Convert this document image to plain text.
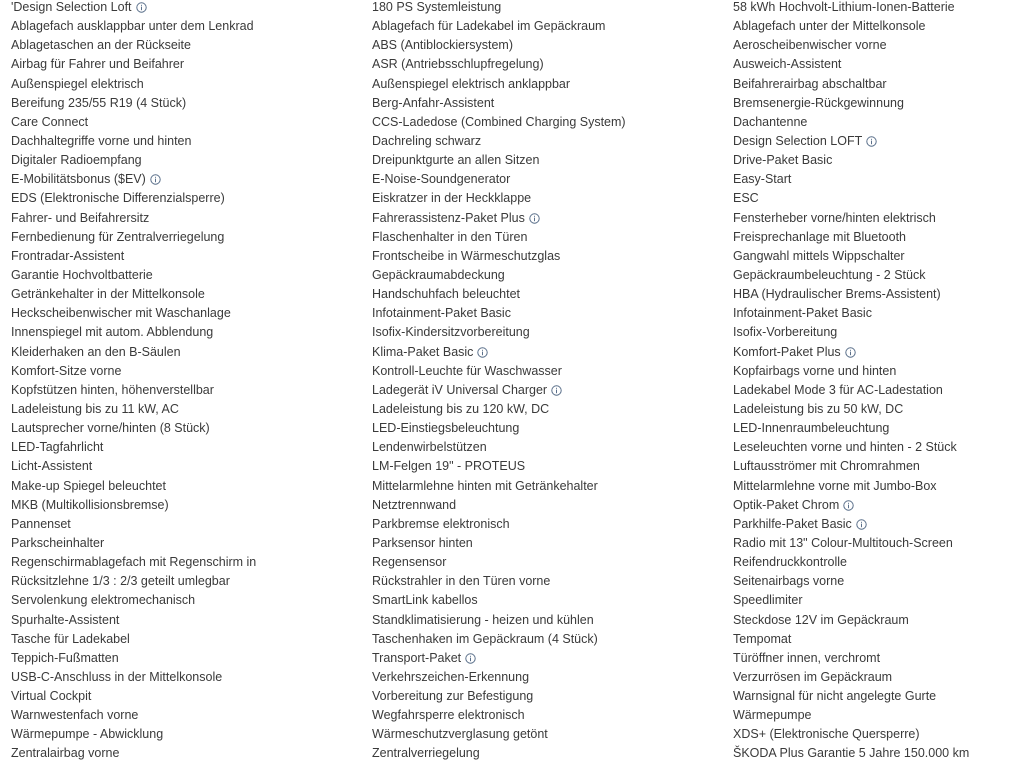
'Design Selection Loft
Ablagefach ausklappbar unter dem Lenkrad
Ablagetaschen an der Rückseite
Airbag für Fahrer und Beifahrer
Außenspiegel elektrisch
Bereifung 235/55 R19 (4 Stück)
Care Connect
Dachhaltegriffe vorne und hinten
Digitaler Radioempfang
E-Mobilitätsbonus ($EV)
EDS (Elektronische Differenzialsperre)
Fahrer- und Beifahrersitz
Fernbedienung für Zentralverriegelung
Frontradar-Assistent
Garantie Hochvoltbatterie
Getränkehalter in der Mittelkonsole
Heckscheibenwischer mit Waschanlage
Innenspiegel mit autom. Abblendung
Kleiderhaken an den B-Säulen
Komfort-Sitze vorne
Kopfstützen hinten, höhenverstellbar
Ladeleistung bis zu 11 kW, AC
Lautsprecher vorne/hinten (8 Stück)
LED-Tagfahrlicht
Licht-Assistent
Make-up Spiegel beleuchtet
MKB (Multikollisionsbremse)
Pannenset
Parkscheinhalter
Regenschirmablagefach mit Regenschirm in
Rücksitzlehne 1/3 : 2/3 geteilt umlegbar
Servolenkung elektromechanisch
Spurhalte-Assistent
Tasche für Ladekabel
Teppich-Fußmatten
USB-C-Anschluss in der Mittelkonsole
Virtual Cockpit
Warnwestenfach vorne
Wärmepumpe - Abwicklung
Zentralairbag vorne
180 PS Systemleistung
Ablagefach für Ladekabel im Gepäckraum
ABS (Antiblockiersystem)
ASR (Antriebsschlupfregelung)
Außenspiegel elektrisch anklappbar
Berg-Anfahr-Assistent
CCS-Ladedose (Combined Charging System)
Dachreling schwarz
Dreipunktgurte an allen Sitzen
E-Noise-Soundgenerator
Eiskratzer in der Heckklappe
Fahrerassistenz-Paket Plus
Flaschenhalter in den Türen
Frontscheibe in Wärmeschutzglas
Gepäckraumabdeckung
Handschuhfach beleuchtet
Infotainment-Paket Basic
Isofix-Kindersitzvorbereitung
Klima-Paket Basic
Kontroll-Leuchte für Waschwasser
Ladegerät iV Universal Charger
Ladeleistung bis zu 120 kW, DC
LED-Einstiegsbeleuchtung
Lendenwirbelstützen
LM-Felgen 19" - PROTEUS
Mittelarmlehne hinten mit Getränkehalter
Netztrennwand
Parkbremse elektronisch
Parksensor hinten
Regensensor
Rückstrahler in den Türen vorne
SmartLink kabellos
Standklimatisierung - heizen und kühlen
Taschenhaken im Gepäckraum (4 Stück)
Transport-Paket
Verkehrszeichen-Erkennung
Vorbereitung zur Befestigung
Wegfahrsperre elektronisch
Wärmeschutzverglasung getönt
Zentralverriegelung
58 kWh Hochvolt-Lithium-Ionen-Batterie
Ablagefach unter der Mittelkonsole
Aeroscheibenwischer vorne
Ausweich-Assistent
Beifahrerairbag abschaltbar
Bremsenergie-Rückgewinnung
Dachantenne
Design Selection LOFT
Drive-Paket Basic
Easy-Start
ESC
Fensterheber vorne/hinten elektrisch
Freisprechanlage mit Bluetooth
Gangwahl mittels Wippschalter
Gepäckraumbeleuchtung - 2 Stück
HBA (Hydraulischer Brems-Assistent)
Infotainment-Paket Basic
Isofix-Vorbereitung
Komfort-Paket Plus
Kopfairbags vorne und hinten
Ladekabel Mode 3 für AC-Ladestation
Ladeleistung bis zu 50 kW, DC
LED-Innenraumbeleuchtung
Leseleuchten vorne und hinten - 2 Stück
Luftausströmer mit Chromrahmen
Mittelarmlehne vorne mit Jumbo-Box
Optik-Paket Chrom
Parkhilfe-Paket Basic
Radio mit 13" Colour-Multitouch-Screen
Reifendruckkontrolle
Seitenairbags vorne
Speedlimiter
Steckdose 12V im Gepäckraum
Tempomat
Türöffner innen, verchromt
Verzurrösen im Gepäckraum
Warnsignal für nicht angelegte Gurte
Wärmepumpe
XDS+ (Elektronische Quersperre)
ŠKODA Plus Garantie 5 Jahre 150.000 km
